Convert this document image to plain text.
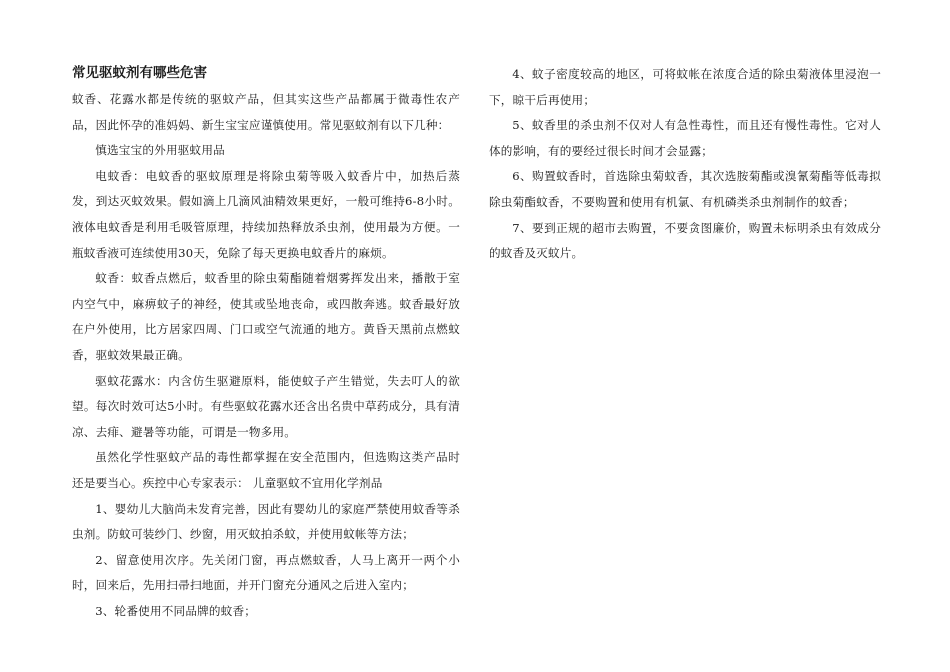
常见驱蚊剂有哪些危害

蚊香、花露水都是传统的驱蚊产品，但其实这些产品都属于微毒性农产品，因此怀孕的准妈妈、新生宝宝应谨慎使用。常见驱蚊剂有以下几种：

慎选宝宝的外用驱蚊用品

电蚊香：电蚊香的驱蚊原理是将除虫菊等吸入蚊香片中，加热后蒸发，到达灭蚊效果。假如滴上几滴风油精效果更好，一般可维持6-8小时。液体电蚊香是利用毛吸管原理，持续加热释放杀虫剂，使用最为方便。一瓶蚊香液可连续使用30天，免除了每天更换电蚊香片的麻烦。

蚊香：蚊香点燃后，蚊香里的除虫菊酯随着烟雾挥发出来，播散于室内空气中，麻痹蚊子的神经，使其或坠地丧命，或四散奔逃。蚊香最好放在户外使用，比方居家四周、门口或空气流通的地方。黄昏天黑前点燃蚊香，驱蚊效果最正确。

驱蚊花露水：内含仿生驱避原料，能使蚊子产生错觉，失去叮人的欲望。每次时效可达5小时。有些驱蚊花露水还含出名贵中草药成分，具有清凉、去痱、避暑等功能，可谓是一物多用。

虽然化学性驱蚊产品的毒性都掌握在安全范围内，但选购这类产品时还是要当心。疾控中心专家表示： 儿童驱蚊不宜用化学剂品

1、婴幼儿大脑尚未发育完善，因此有婴幼儿的家庭严禁使用蚊香等杀虫剂。防蚊可装纱门、纱窗，用灭蚊拍杀蚊，并使用蚊帐等方法；

2、留意使用次序。先关闭门窗，再点燃蚊香，人马上离开一两个小时，回来后，先用扫帚扫地面，并开门窗充分通风之后进入室内；

3、轮番使用不同品牌的蚊香；

4、蚊子密度较高的地区，可将蚊帐在浓度合适的除虫菊液体里浸泡一下，晾干后再使用；

5、蚊香里的杀虫剂不仅对人有急性毒性，而且还有慢性毒性。它对人体的影响，有的要经过很长时间才会显露；

6、购置蚊香时，首选除虫菊蚊香，其次选胺菊酯或溴氰菊酯等低毒拟除虫菊酯蚊香，不要购置和使用有机氯、有机磷类杀虫剂制作的蚊香；

7、要到正规的超市去购置，不要贪图廉价，购置未标明杀虫有效成分的蚊香及灭蚊片。
